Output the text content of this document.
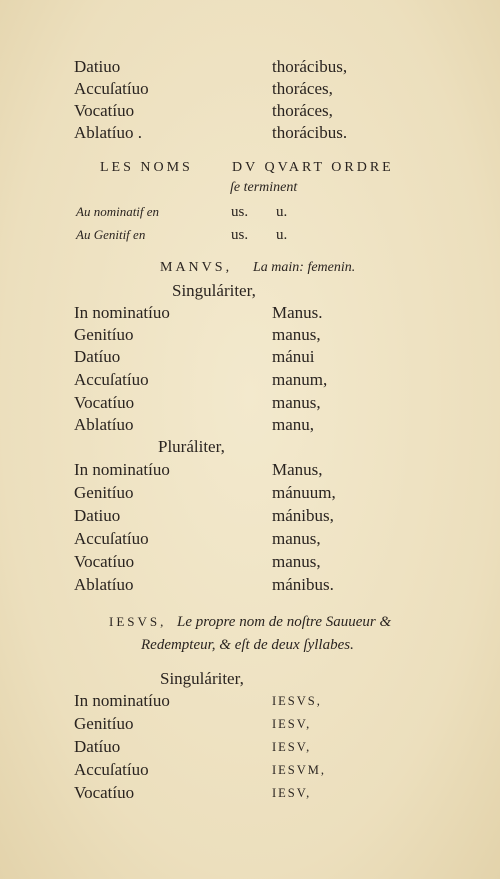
Datiuo	thorácibus,
Accuſatíuo	thoráces,
Vocatíuo	thoráces,
Ablatíuo .	thorácibus.
LES NOMS	DV QVART ORDRE
ſe terminent
Au nominatif en	us. u.
Au Genitif en	us. u.
MANVS, La main: femenin.
Singuláriter,
In nominatíuo	Manus.
Genitíuo	manus,
Datíuo	mánui
Accuſatíuo	manum,
Vocatíuo	manus,
Ablatíuo	manu,
Pluráliter,
In nominatíuo	Manus,
Genitíuo	mánuum,
Datiuo	mánibus,
Accuſatíuo	manus,
Vocatíuo	manus,
Ablatíuo	mánibus.
IESVS, Le propre nom de noſtre Sauueur &
Redempteur, & eſt de deux ſyllabes.
Singuláriter,
In nominatíuo	IESVS,
Genitíuo	IESV,
Datíuo	IESV,
Accuſatíuo	IESVM,
Vocatíuo	IESV,
